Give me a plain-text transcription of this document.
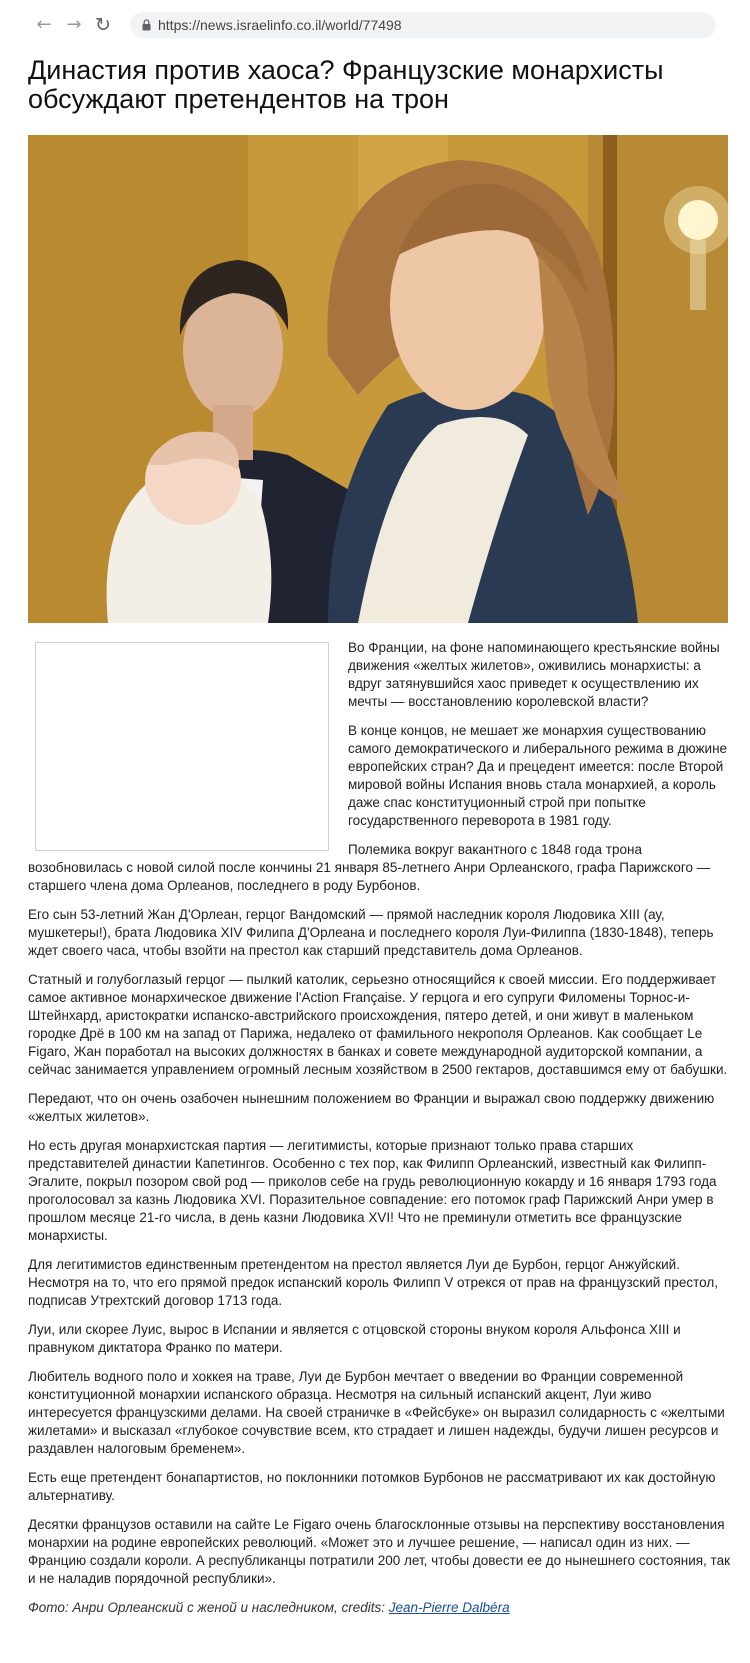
← → ↻	https://news.israelinfo.co.il/world/77498
Династия против хаоса? Французские монархисты обсуждают претендентов на трон

Во Франции, на фоне напоминающего крестьянские войны движения «желтых жилетов», оживились монархисты: а вдруг затянувшийся хаос приведет к осуществлению их мечты — восстановлению королевской власти?

В конце концов, не мешает же монархия существованию самого демократического и либерального режима в дюжине европейских стран? Да и прецедент имеется: после Второй мировой войны Испания вновь стала монархией, а король даже спас конституционный строй при попытке государственного переворота в 1981 году.

Полемика вокруг вакантного с 1848 года трона возобновилась с новой силой после кончины 21 января 85-летнего Анри Орлеанского, графа Парижского — старшего члена дома Орлеанов, последнего в роду Бурбонов.

Его сын 53-летний Жан Д'Орлеан, герцог Вандомский — прямой наследник короля Людовика XIII (ау, мушкетеры!), брата Людовика XIV Филипа Д'Орлеана и последнего короля Луи-Филиппа (1830-1848), теперь ждет своего часа, чтобы взойти на престол как старший представитель дома Орлеанов.

Статный и голубоглазый герцог — пылкий католик, серьезно относящийся к своей миссии. Его поддерживает самое активное монархическое движение l'Action Française. У герцога и его супруги Филомены Торнос-и- Штейнхард, аристократки испанско-австрийского происхождения, пятеро детей, и они живут в маленьком городке Дрё в 100 км на запад от Парижа, недалеко от фамильного некрополя Орлеанов. Как сообщает Le Figaro, Жан поработал на высоких должностях в банках и совете международной аудиторской компании, а сейчас занимается управлением огромный лесным хозяйством в 2500 гектаров, доставшимся ему от бабушки.

Передают, что он очень озабочен нынешним положением во Франции и выражал свою поддержку движению «желтых жилетов».

Но есть другая монархистская партия — легитимисты, которые признают только права старших представителей династии Капетингов. Особенно с тех пор, как Филипп Орлеанский, известный как Филипп-Эгалите, покрыл позором свой род — приколов себе на грудь революционную кокарду и 16 января 1793 года проголосовал за казнь Людовика XVI. Поразительное совпадение: его потомок граф Парижский Анри умер в прошлом месяце 21-го числа, в день казни Людовика XVI! Что не преминули отметить все французские монархисты.

Для легитимистов единственным претендентом на престол является Луи де Бурбон, герцог Анжуйский. Несмотря на то, что его прямой предок испанский король Филипп V отрекся от прав на французский престол, подписав Утрехтский договор 1713 года.

Луи, или скорее Луис, вырос в Испании и является с отцовской стороны внуком короля Альфонса XIII и правнуком диктатора Франко по матери.

Любитель водного поло и хоккея на траве, Луи де Бурбон мечтает о введении во Франции современной конституционной монархии испанского образца. Несмотря на сильный испанский акцент, Луи живо интересуется французскими делами. На своей страничке в «Фейсбуке» он выразил солидарность с «желтыми жилетами» и высказал «глубокое сочувствие всем, кто страдает и лишен надежды, будучи лишен ресурсов и раздавлен налоговым бременем».

Есть еще претендент бонапартистов, но поклонники потомков Бурбонов не рассматривают их как достойную альтернативу.

Десятки французов оставили на сайте Le Figaro очень благосклонные отзывы на перспективу восстановления монархии на родине европейских революций. «Может это и лучшее решение, — написал один из них. — Францию создали короли. А республиканцы потратили 200 лет, чтобы довести ее до нынешнего состояния, так и не наладив порядочной республики».

Фото: Анри Орлеанский с женой и наследником, credits: Jean-Pierre Dalbéra
